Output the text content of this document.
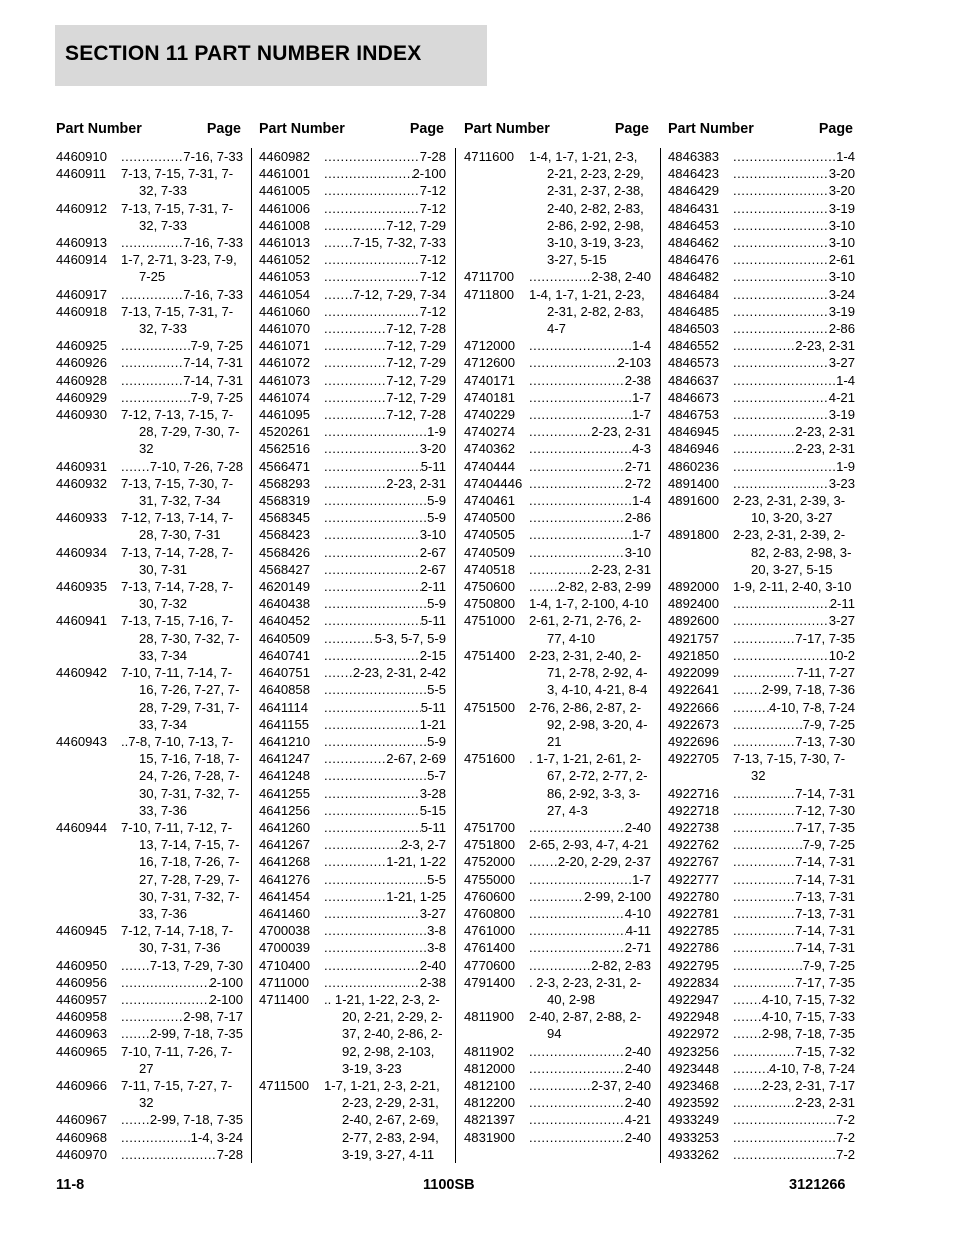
SECTION 11 PART NUMBER INDEX
Part Number	Page
4460910 .....	7-16, 7-33
4460911	7-13, 7-15, 7-31, 7-32, 7-33
4460912	7-13, 7-15, 7-31, 7-32, 7-33
4460913 .....	7-16, 7-33
4460914	1-7, 2-71, 3-23, 7-9, 7-25
4460917 .....	7-16, 7-33
4460918	7-13, 7-15, 7-31, 7-32, 7-33
4460925 .....	7-9, 7-25
4460926 .....	7-14, 7-31
4460928 .....	7-14, 7-31
4460929 .....	7-9, 7-25
4460930	7-12, 7-13, 7-15, 7-28, 7-29, 7-30, 7-32
4460931 .....	7-10, 7-26, 7-28
4460932	7-13, 7-15, 7-30, 7-31, 7-32, 7-34
4460933	7-12, 7-13, 7-14, 7-28, 7-30, 7-31
4460934	7-13, 7-14, 7-28, 7-30, 7-31
4460935	7-13, 7-14, 7-28, 7-30, 7-32
4460941	7-13, 7-15, 7-16, 7-28, 7-30, 7-32, 7-33, 7-34
4460942	7-10, 7-11, 7-14, 7-16, 7-26, 7-27, 7-28, 7-29, 7-31, 7-33, 7-34
4460943	..7-8, 7-10, 7-13, 7-15, 7-16, 7-18, 7-24, 7-26, 7-28, 7-30, 7-31, 7-32, 7-33, 7-36
4460944	7-10, 7-11, 7-12, 7-13, 7-14, 7-15, 7-16, 7-18, 7-26, 7-27, 7-28, 7-29, 7-30, 7-31, 7-32, 7-33, 7-36
4460945	7-12, 7-14, 7-18, 7-30, 7-31, 7-36
4460950 .....	7-13, 7-29, 7-30
4460956 .....	2-100
4460957 .....	2-100
4460958 .....	2-98, 7-17
4460963 .....	2-99, 7-18, 7-35
4460965	7-10, 7-11, 7-26, 7-27
4460966	7-11, 7-15, 7-27, 7-32
4460967 .....	2-99, 7-18, 7-35
4460968 .....	1-4, 3-24
4460970 .....	7-28
Part Number	Page
4460982 .....	7-28
4461001 .....	2-100
4461005 .....	7-12
4461006 .....	7-12
4461008 .....	7-12, 7-29
4461013 .....	7-15, 7-32, 7-33
4461052 .....	7-12
4461053 .....	7-12
4461054 .....	7-12, 7-29, 7-34
4461060 .....	7-12
4461070 .....	7-12, 7-28
4461071 .....	7-12, 7-29
4461072 .....	7-12, 7-29
4461073 .....	7-12, 7-29
4461074 .....	7-12, 7-29
4461095 .....	7-12, 7-28
4520261 .....	1-9
4562516 .....	3-20
4566471 .....	5-11
4568293 .....	2-23, 2-31
4568319 .....	5-9
4568345 .....	5-9
4568423 .....	3-10
4568426 .....	2-67
4568427 .....	2-67
4620149 .....	2-11
4640438 .....	5-9
4640452 .....	5-11
4640509 .....	5-3, 5-7, 5-9
4640741 .....	2-15
4640751 .....	2-23, 2-31, 2-42
4640858 .....	5-5
4641114 .....	5-11
4641155 .....	1-21
4641210 .....	5-9
4641247 .....	2-67, 2-69
4641248 .....	5-7
4641255 .....	3-28
4641256 .....	5-15
4641260 .....	5-11
4641267 .....	2-3, 2-7
4641268 .....	1-21, 1-22
4641276 .....	5-5
4641454 .....	1-21, 1-25
4641460 .....	3-27
4700038 .....	3-8
4700039 .....	3-8
4710400 .....	2-40
4711000 .....	2-38
4711400	.. 1-21, 1-22, 2-3, 2-20, 2-21, 2-29, 2-37, 2-40, 2-86, 2-92, 2-98, 2-103, 3-19, 3-23
4711500	1-7, 1-21, 2-3, 2-21, 2-23, 2-29, 2-31, 2-40, 2-67, 2-69, 2-77, 2-83, 2-94, 3-19, 3-27, 4-11
Part Number	Page
4711600	1-4, 1-7, 1-21, 2-3, 2-21, 2-23, 2-29, 2-31, 2-37, 2-38, 2-40, 2-82, 2-83, 2-86, 2-92, 2-98, 3-10, 3-19, 3-23, 3-27, 5-15
4711700 .....	2-38, 2-40
4711800	1-4, 1-7, 1-21, 2-23, 2-31, 2-82, 2-83, 4-7
4712000 .....	1-4
4712600 .....	2-103
4740171 .....	2-38
4740181 .....	1-7
4740229 .....	1-7
4740274 .....	2-23, 2-31
4740362 .....	4-3
4740444 .....	2-71
47404446 .....	2-72
4740461 .....	1-4
4740500 .....	2-86
4740505 .....	1-7
4740509 .....	3-10
4740518 .....	2-23, 2-31
4750600 .....	2-82, 2-83, 2-99
4750800	1-4, 1-7, 2-100, 4-10
4751000	2-61, 2-71, 2-76, 2-77, 4-10
4751400	2-23, 2-31, 2-40, 2-71, 2-78, 2-92, 4-3, 4-10, 4-21, 8-4
4751500	2-76, 2-86, 2-87, 2-92, 2-98, 3-20, 4-21
4751600	. 1-7, 1-21, 2-61, 2-67, 2-72, 2-77, 2-86, 2-92, 3-3, 3-27, 4-3
4751700 .....	2-40
4751800	2-65, 2-93, 4-7, 4-21
4752000 .....	2-20, 2-29, 2-37
4755000 .....	1-7
4760600 .....	2-99, 2-100
4760800 .....	4-10
4761000 .....	4-11
4761400 .....	2-71
4770600 .....	2-82, 2-83
4791400	. 2-3, 2-23, 2-31, 2-40, 2-98
4811900	2-40, 2-87, 2-88, 2-94
4811902 .....	2-40
4812000 .....	2-40
4812100 .....	2-37, 2-40
4812200 .....	2-40
4821397 .....	4-21
4831900 .....	2-40
Part Number	Page
4846383 .....	1-4
4846423 .....	3-20
4846429 .....	3-20
4846431 .....	3-19
4846453 .....	3-10
4846462 .....	3-10
4846476 .....	2-61
4846482 .....	3-10
4846484 .....	3-24
4846485 .....	3-19
4846503 .....	2-86
4846552 .....	2-23, 2-31
4846573 .....	3-27
4846637 .....	1-4
4846673 .....	4-21
4846753 .....	3-19
4846945 .....	2-23, 2-31
4846946 .....	2-23, 2-31
4860236 .....	1-9
4891400 .....	3-23
4891600	2-23, 2-31, 2-39, 3-10, 3-20, 3-27
4891800	2-23, 2-31, 2-39, 2-82, 2-83, 2-98, 3-20, 3-27, 5-15
4892000	1-9, 2-11, 2-40, 3-10
4892400 .....	2-11
4892600 .....	3-27
4921757 .....	7-17, 7-35
4921850 .....	10-2
4922099 .....	7-11, 7-27
4922641 .....	2-99, 7-18, 7-36
4922666 .....	4-10, 7-8, 7-24
4922673 .....	7-9, 7-25
4922696 .....	7-13, 7-30
4922705	7-13, 7-15, 7-30, 7-32
4922716 .....	7-14, 7-31
4922718 .....	7-12, 7-30
4922738 .....	7-17, 7-35
4922762 .....	7-9, 7-25
4922767 .....	7-14, 7-31
4922777 .....	7-14, 7-31
4922780 .....	7-13, 7-31
4922781 .....	7-13, 7-31
4922785 .....	7-14, 7-31
4922786 .....	7-14, 7-31
4922795 .....	7-9, 7-25
4922834 .....	7-17, 7-35
4922947 .....	4-10, 7-15, 7-32
4922948 .....	4-10, 7-15, 7-33
4922972 .....	2-98, 7-18, 7-35
4923256 .....	7-15, 7-32
4923448 .....	4-10, 7-8, 7-24
4923468 .....	2-23, 2-31, 7-17
4923592 .....	2-23, 2-31
4933249 .....	7-2
4933253 .....	7-2
4933262 .....	7-2
11-8	1100SB	3121266
